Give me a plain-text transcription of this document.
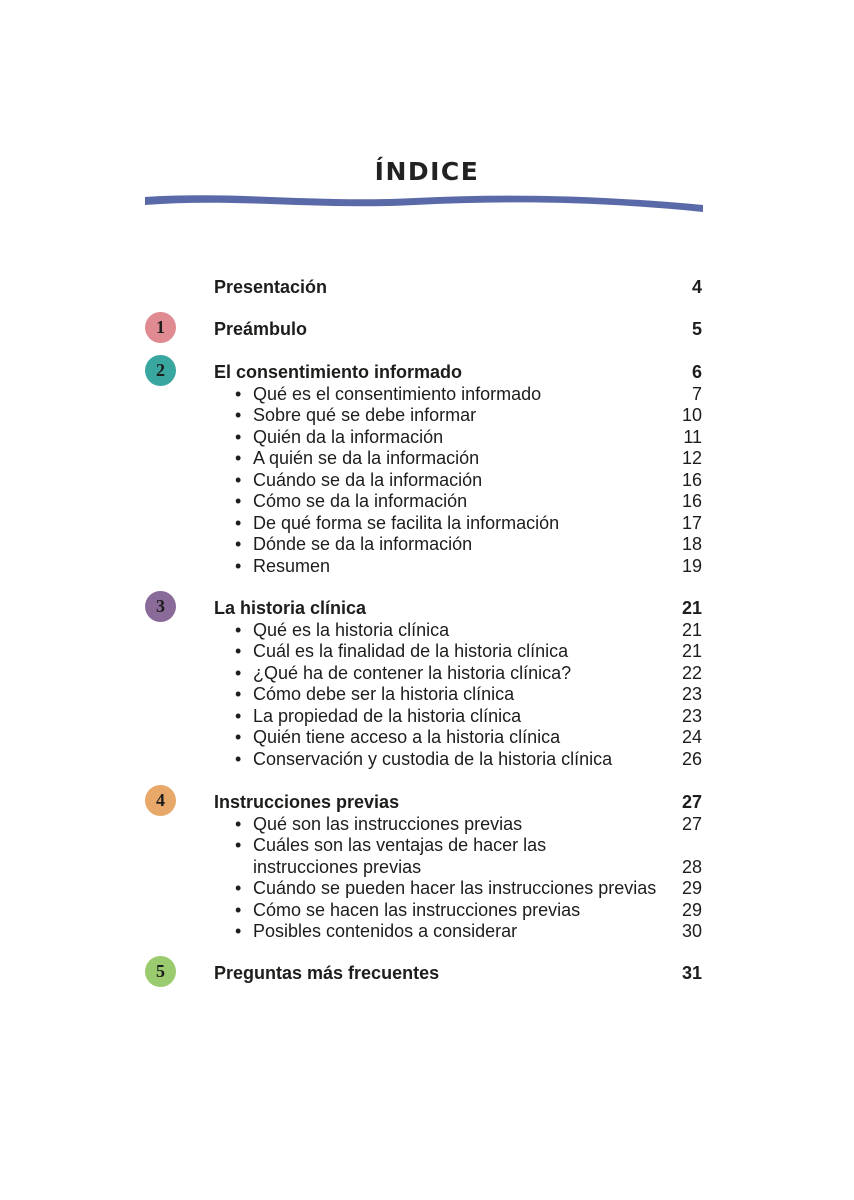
ÍNDICE
Presentación	4
1	Preámbulo	5
2	El consentimiento informado	6
• Qué es el consentimiento informado	7
• Sobre qué se debe informar	10
• Quién da la información	11
• A quién se da la información	12
• Cuándo se da la información	16
• Cómo se da la información	16
• De qué forma se facilita la información	17
• Dónde se da la información	18
• Resumen	19
3	La historia clínica	21
• Qué es la historia clínica	21
• Cuál es la finalidad de la historia clínica	21
• ¿Qué ha de contener la historia clínica?	22
• Cómo debe ser la historia clínica	23
• La propiedad de la historia clínica	23
• Quién tiene acceso a la historia clínica	24
• Conservación y custodia de la historia clínica	26
4	Instrucciones previas	27
• Qué son las instrucciones previas	27
• Cuáles son las ventajas de hacer las
instrucciones previas	28
• Cuándo se pueden hacer las instrucciones previas 29
• Cómo se hacen las instrucciones previas	29
• Posibles contenidos a considerar	30
5	Preguntas más frecuentes	31
